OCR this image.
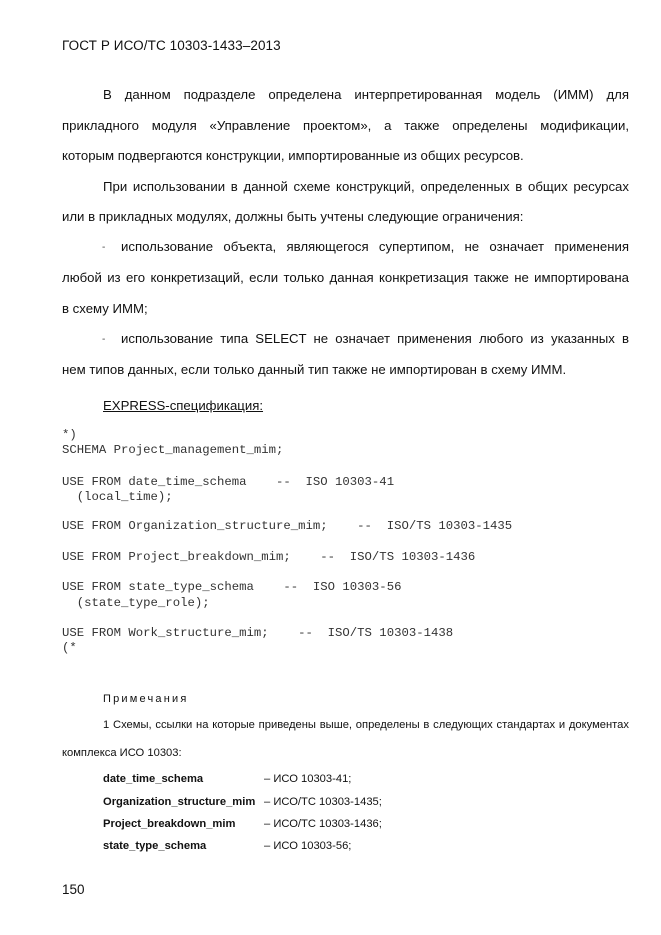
ГОСТ Р ИСО/ТС 10303-1433–2013
В данном подразделе определена интерпретированная модель (ИММ) для
прикладного модуля «Управление проектом», а также определены модификации,
которым подвергаются конструкции, импортированные из общих ресурсов.
При использовании в данной схеме конструкций, определенных в общих ресурсах
или в прикладных модулях, должны быть учтены следующие ограничения:
- использование объекта, являющегося супертипом, не означает применения
любой из его конкретизаций, если только данная конкретизация также не импортирована
в схему ИММ;
- использование типа SELECT не означает применения любого из указанных в
нем типов данных, если только данный тип также не импортирован в схему ИММ.
EXPRESS-спецификация:
*)
SCHEMA Project_management_mim;
USE FROM date_time_schema    --  ISO 10303-41
(local_time);
USE FROM Organization_structure_mim;    --  ISO/TS 10303-1435
USE FROM Project_breakdown_mim;    --  ISO/TS 10303-1436
USE FROM state_type_schema    --  ISO 10303-56
(state_type_role);
USE FROM Work_structure_mim;    --  ISO/TS 10303-1438
(*
Примечания
1 Схемы, ссылки на которые приведены выше, определены в следующих стандартах и документах
комплекса ИСО 10303:
date_time_schema	– ИСО 10303-41;
Organization_structure_mim – ИСО/ТС 10303-1435;
Project_breakdown_mim	– ИСО/ТС 10303-1436;
state_type_schema	– ИСО 10303-56;
150
